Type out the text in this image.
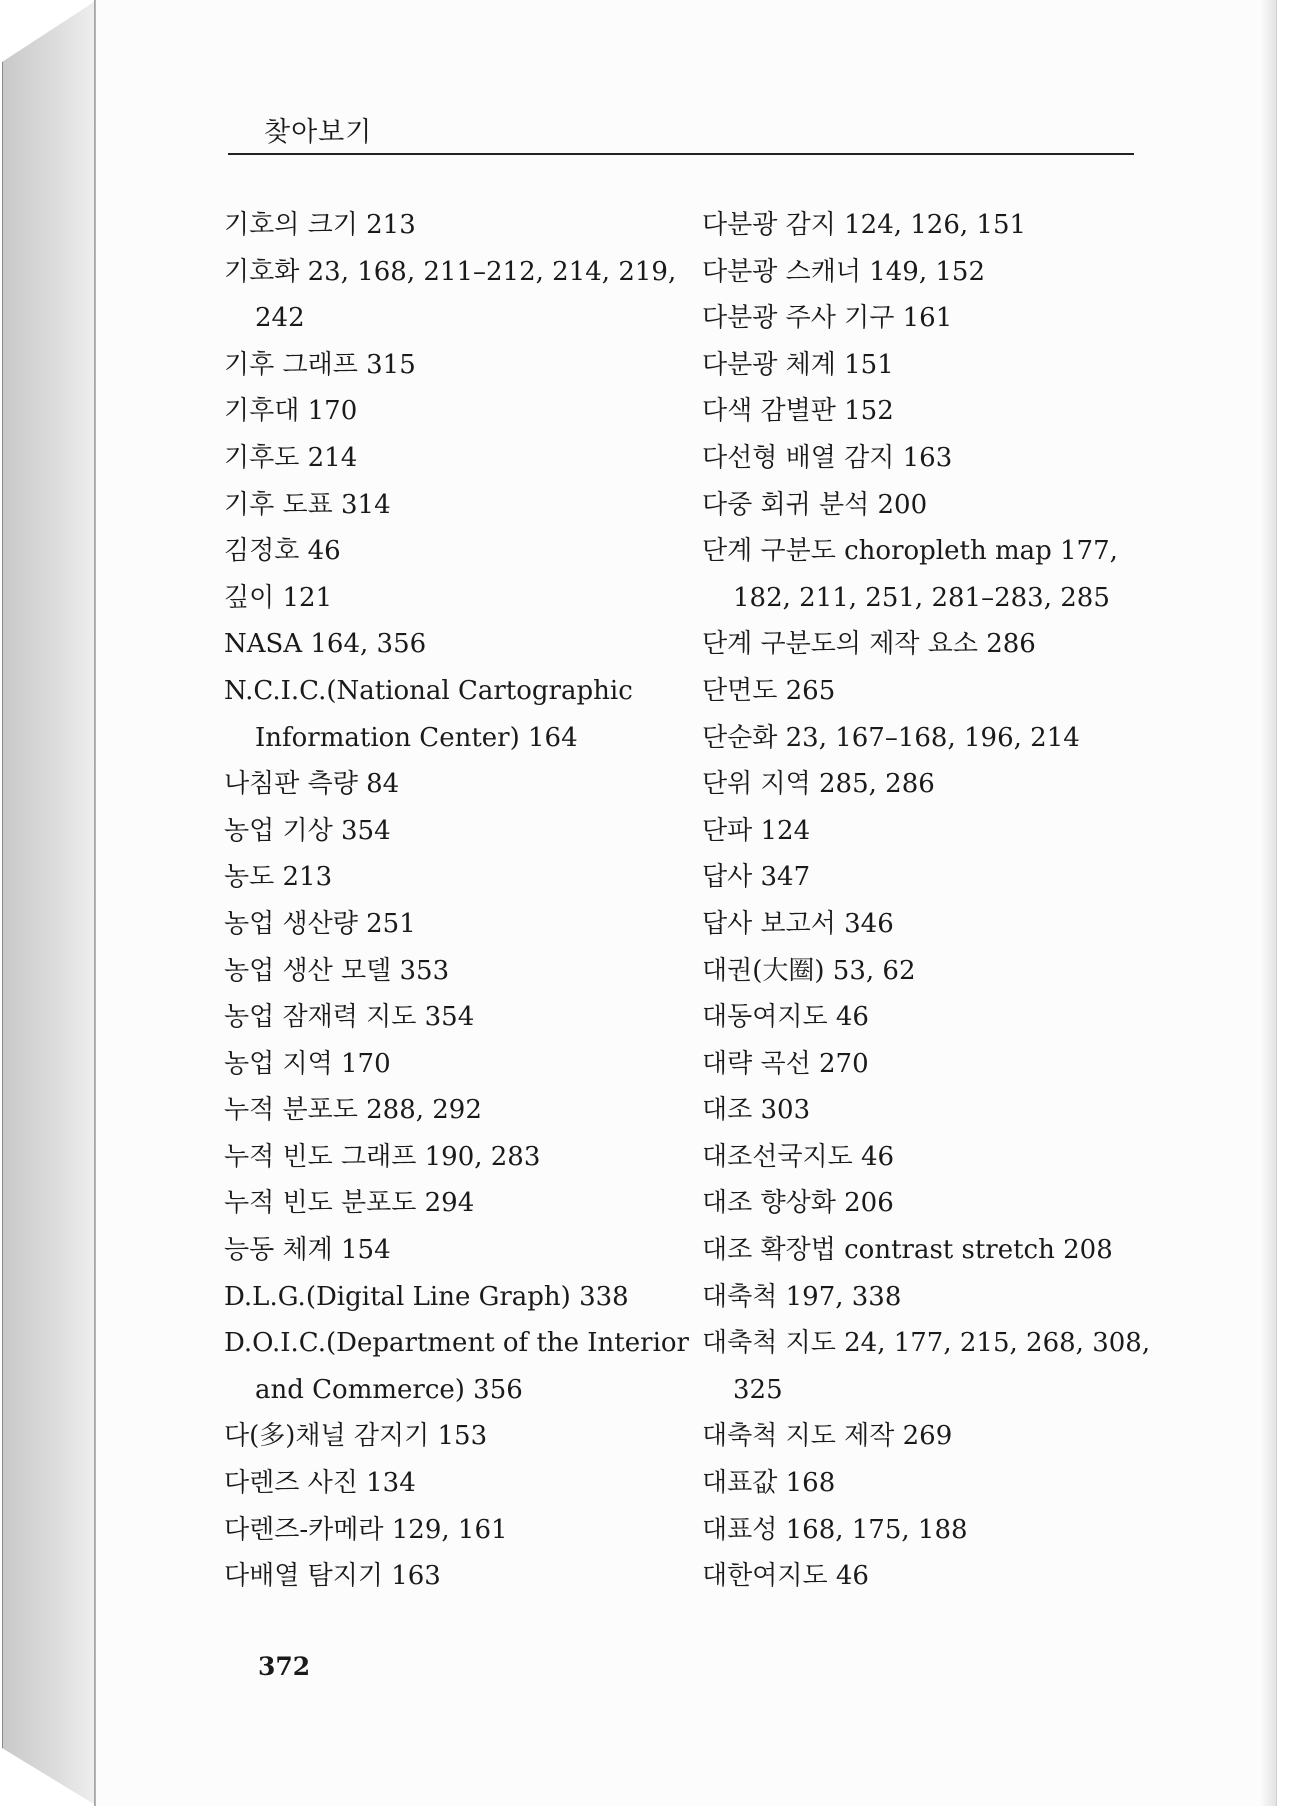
찾아보기
기호의 크기 213
기호화 23, 168, 211–212, 214, 219,
242
기후 그래프 315
기후대 170
기후도 214
기후 도표 314
김정호 46
깊이 121
NASA 164, 356
N.C.I.C.(National Cartographic
Information Center) 164
나침판 측량 84
농업 기상 354
농도 213
농업 생산량 251
농업 생산 모델 353
농업 잠재력 지도 354
농업 지역 170
누적 분포도 288, 292
누적 빈도 그래프 190, 283
누적 빈도 분포도 294
능동 체계 154
D.L.G.(Digital Line Graph) 338
D.O.I.C.(Department of the Interior
and Commerce) 356
다(多)채널 감지기 153
다렌즈 사진 134
다렌즈-카메라 129, 161
다배열 탐지기 163
다분광 감지 124, 126, 151
다분광 스캐너 149, 152
다분광 주사 기구 161
다분광 체계 151
다색 감별판 152
다선형 배열 감지 163
다중 회귀 분석 200
단계 구분도 choropleth map 177,
182, 211, 251, 281–283, 285
단계 구분도의 제작 요소 286
단면도 265
단순화 23, 167–168, 196, 214
단위 지역 285, 286
단파 124
답사 347
답사 보고서 346
대권(大圈) 53, 62
대동여지도 46
대략 곡선 270
대조 303
대조선국지도 46
대조 향상화 206
대조 확장법 contrast stretch 208
대축척 197, 338
대축척 지도 24, 177, 215, 268, 308,
325
대축척 지도 제작 269
대표값 168
대표성 168, 175, 188
대한여지도 46
372
